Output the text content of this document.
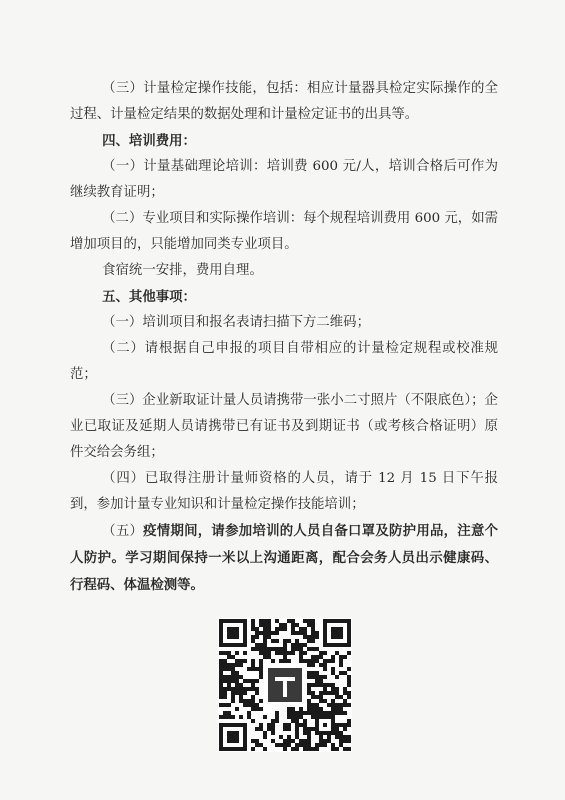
（三）计量检定操作技能，包括：相应计量器具检定实际操作的全过程、计量检定结果的数据处理和计量检定证书的出具等。

四、培训费用：

（一）计量基础理论培训：培训费 600 元/人，培训合格后可作为继续教育证明；

（二）专业项目和实际操作培训：每个规程培训费用 600 元，如需增加项目的，只能增加同类专业项目。

食宿统一安排，费用自理。

五、其他事项：

（一）培训项目和报名表请扫描下方二维码；

（二）请根据自己申报的项目自带相应的计量检定规程或校准规范；

（三）企业新取证计量人员请携带一张小二寸照片（不限底色）；企业已取证及延期人员请携带已有证书及到期证书（或考核合格证明）原件交给会务组；

（四）已取得注册计量师资格的人员，请于 12 月 15 日下午报到，参加计量专业知识和计量检定操作技能培训；

（五）疫情期间，请参加培训的人员自备口罩及防护用品，注意个人防护。学习期间保持一米以上沟通距离，配合会务人员出示健康码、行程码、体温检测等。
